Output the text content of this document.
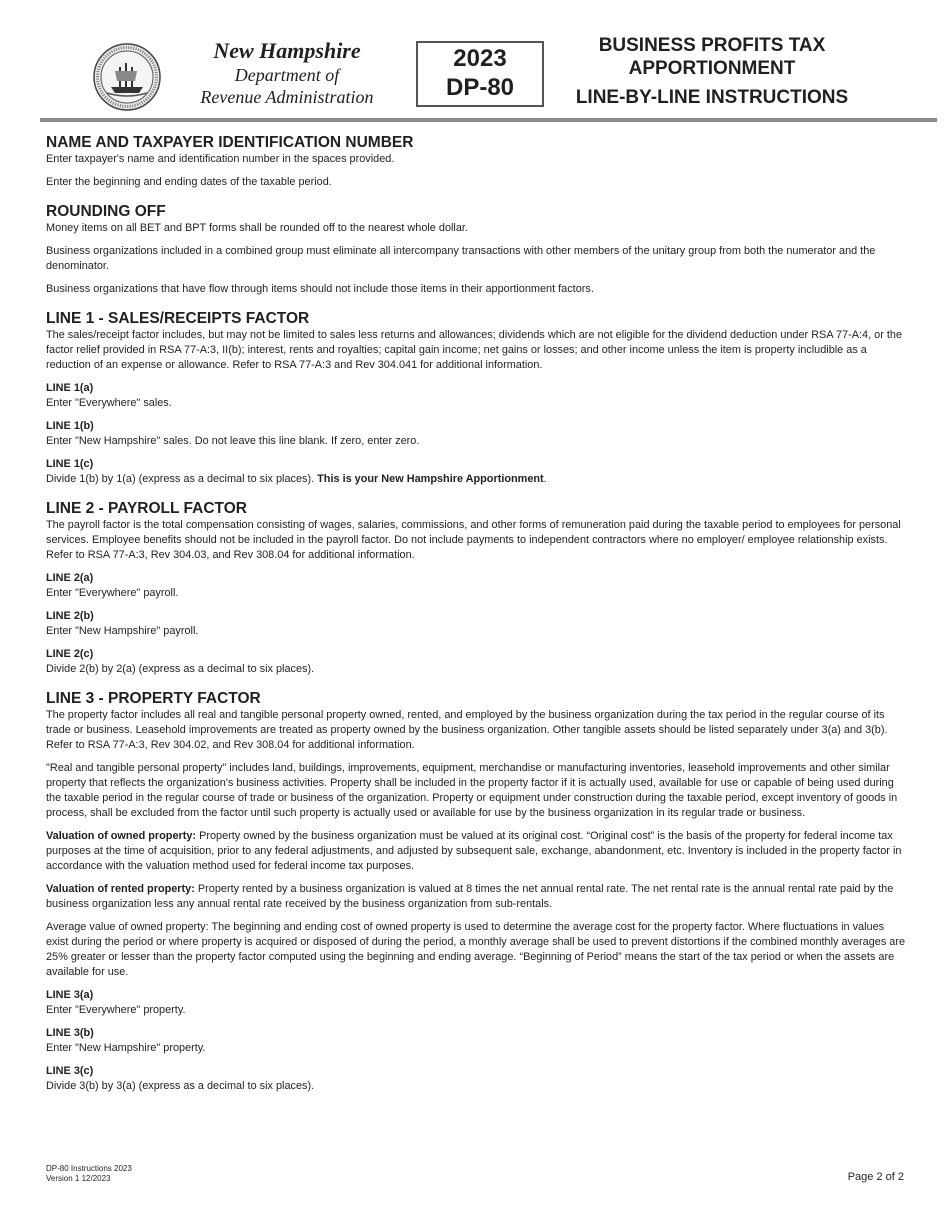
New Hampshire
Department of
Revenue Administration
2023
DP-80
BUSINESS PROFITS TAX
APPORTIONMENT
LINE-BY-LINE INSTRUCTIONS
NAME AND TAXPAYER IDENTIFICATION NUMBER

Enter taxpayer's name and identification number in the spaces provided.

Enter the beginning and ending dates of the taxable period.

ROUNDING OFF

Money items on all BET and BPT forms shall be rounded off to the nearest whole dollar.

Business organizations included in a combined group must eliminate all intercompany transactions with other members of the unitary group from both the numerator and the denominator.

Business organizations that have flow through items should not include those items in their apportionment factors.

LINE 1 - SALES/RECEIPTS FACTOR

The sales/receipt factor includes, but may not be limited to sales less returns and allowances; dividends which are not eligible for the dividend deduction under RSA 77-A:4, or the factor relief provided in RSA 77-A:3, II(b); interest, rents and royalties; capital gain income; net gains or losses; and other income unless the item is property includible as a reduction of an expense or allowance. Refer to RSA 77-A:3 and Rev 304.041 for additional information.

LINE 1(a)

Enter "Everywhere" sales.

LINE 1(b)

Enter "New Hampshire" sales. Do not leave this line blank. If zero, enter zero.

LINE 1(c)

Divide 1(b) by 1(a) (express as a decimal to six places). This is your New Hampshire Apportionment.

LINE 2 - PAYROLL FACTOR

The payroll factor is the total compensation consisting of wages, salaries, commissions, and other forms of remuneration paid during the taxable period to employees for personal services. Employee benefits should not be included in the payroll factor. Do not include payments to independent contractors where no employer/ employee relationship exists. Refer to RSA 77-A:3, Rev 304.03, and Rev 308.04 for additional information.

LINE 2(a)

Enter "Everywhere" payroll.

LINE 2(b)

Enter "New Hampshire" payroll.

LINE 2(c)

Divide 2(b) by 2(a) (express as a decimal to six places).

LINE 3 - PROPERTY FACTOR

The property factor includes all real and tangible personal property owned, rented, and employed by the business organization during the tax period in the regular course of its trade or business. Leasehold improvements are treated as property owned by the business organization. Other tangible assets should be listed separately under 3(a) and 3(b). Refer to RSA 77-A:3, Rev 304.02, and Rev 308.04 for additional information.

"Real and tangible personal property" includes land, buildings, improvements, equipment, merchandise or manufacturing inventories, leasehold improvements and other similar property that reflects the organization's business activities. Property shall be included in the property factor if it is actually used, available for use or capable of being used during the taxable period in the regular course of trade or business of the organization. Property or equipment under construction during the taxable period, except inventory of goods in process, shall be excluded from the factor until such property is actually used or available for use by the business organization in its regular trade or business.

Valuation of owned property: Property owned by the business organization must be valued at its original cost. “Original cost” is the basis of the property for federal income tax purposes at the time of acquisition, prior to any federal adjustments, and adjusted by subsequent sale, exchange, abandonment, etc. Inventory is included in the property factor in accordance with the valuation method used for federal income tax purposes.

Valuation of rented property: Property rented by a business organization is valued at 8 times the net annual rental rate. The net rental rate is the annual rental rate paid by the business organization less any annual rental rate received by the business organization from sub-rentals.

Average value of owned property: The beginning and ending cost of owned property is used to determine the average cost for the property factor. Where fluctuations in values exist during the period or where property is acquired or disposed of during the period, a monthly average shall be used to prevent distortions if the combined monthly averages are 25% greater or lesser than the property factor computed using the beginning and ending average. “Beginning of Period” means the start of the tax period or when the assets are available for use.

LINE 3(a)

Enter "Everywhere" property.

LINE 3(b)

Enter "New Hampshire" property.

LINE 3(c)

Divide 3(b) by 3(a) (express as a decimal to six places).

DP-80 Instructions 2023
Version 1 12/2023	Page 2 of 2
